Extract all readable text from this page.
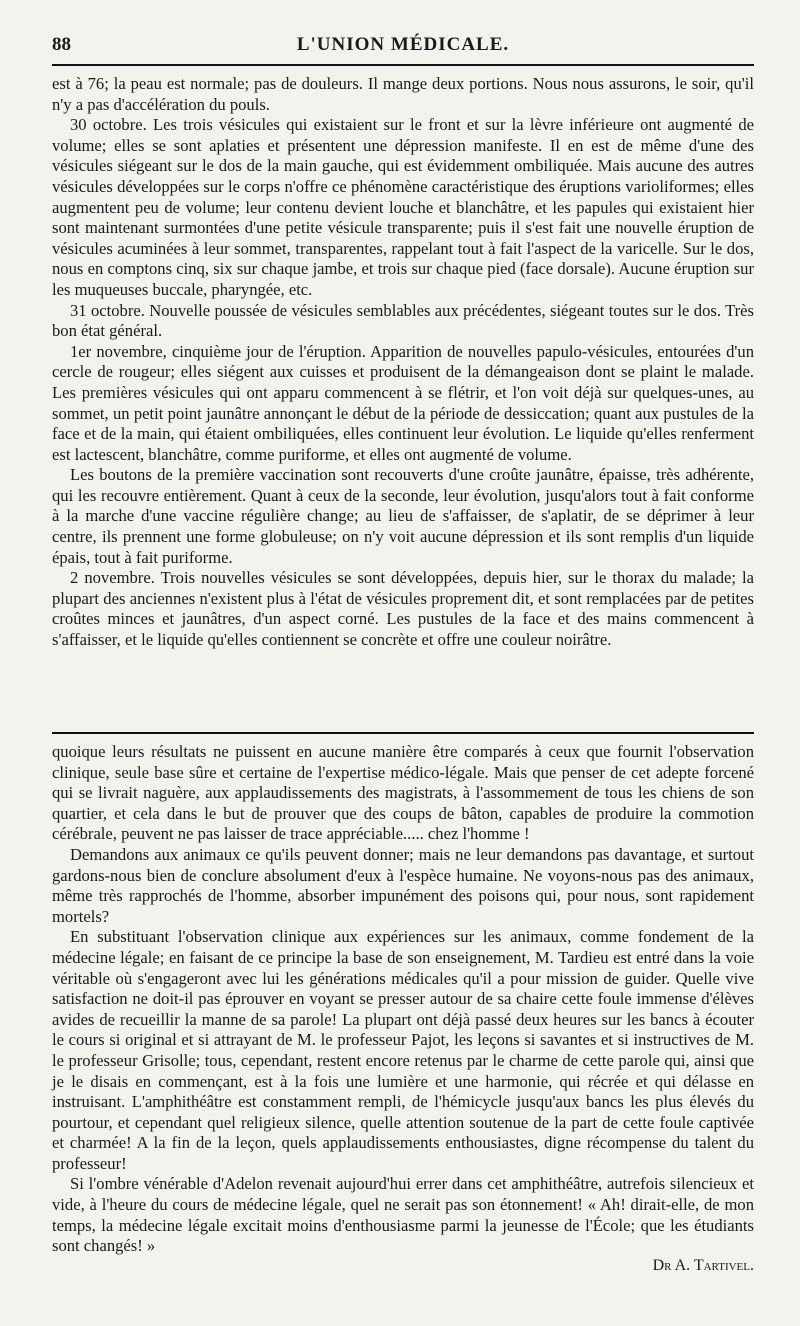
88	L'UNION MÉDICALE.

est à 76; la peau est normale; pas de douleurs. Il mange deux portions. Nous nous assurons, le soir, qu'il n'y a pas d'accélération du pouls.

30 octobre. Les trois vésicules qui existaient sur le front et sur la lèvre inférieure ont augmenté de volume; elles se sont aplaties et présentent une dépression manifeste. Il en est de même d'une des vésicules siégeant sur le dos de la main gauche, qui est évidemment ombiliquée. Mais aucune des autres vésicules développées sur le corps n'offre ce phénomène caractéristique des éruptions varioliformes; elles augmentent peu de volume; leur contenu devient louche et blanchâtre, et les papules qui existaient hier sont maintenant surmontées d'une petite vésicule transparente; puis il s'est fait une nouvelle éruption de vésicules acuminées à leur sommet, transparentes, rappelant tout à fait l'aspect de la varicelle. Sur le dos, nous en comptons cinq, six sur chaque jambe, et trois sur chaque pied (face dorsale). Aucune éruption sur les muqueuses buccale, pharyngée, etc.

31 octobre. Nouvelle poussée de vésicules semblables aux précédentes, siégeant toutes sur le dos. Très bon état général.

1er novembre, cinquième jour de l'éruption. Apparition de nouvelles papulo-vésicules, entourées d'un cercle de rougeur; elles siégent aux cuisses et produisent de la démangeaison dont se plaint le malade. Les premières vésicules qui ont apparu commencent à se flétrir, et l'on voit déjà sur quelques-unes, au sommet, un petit point jaunâtre annonçant le début de la période de dessiccation; quant aux pustules de la face et de la main, qui étaient ombiliquées, elles continuent leur évolution. Le liquide qu'elles renferment est lactescent, blanchâtre, comme puriforme, et elles ont augmenté de volume.

Les boutons de la première vaccination sont recouverts d'une croûte jaunâtre, épaisse, très adhérente, qui les recouvre entièrement. Quant à ceux de la seconde, leur évolution, jusqu'alors tout à fait conforme à la marche d'une vaccine régulière change; au lieu de s'affaisser, de s'aplatir, de se déprimer à leur centre, ils prennent une forme globuleuse; on n'y voit aucune dépression et ils sont remplis d'un liquide épais, tout à fait puriforme.

2 novembre. Trois nouvelles vésicules se sont développées, depuis hier, sur le thorax du malade; la plupart des anciennes n'existent plus à l'état de vésicules proprement dit, et sont remplacées par de petites croûtes minces et jaunâtres, d'un aspect corné. Les pustules de la face et des mains commencent à s'affaisser, et le liquide qu'elles contiennent se concrète et offre une couleur noirâtre.

quoique leurs résultats ne puissent en aucune manière être comparés à ceux que fournit l'observation clinique, seule base sûre et certaine de l'expertise médico-légale. Mais que penser de cet adepte forcené qui se livrait naguère, aux applaudissements des magistrats, à l'assommement de tous les chiens de son quartier, et cela dans le but de prouver que des coups de bâton, capables de produire la commotion cérébrale, peuvent ne pas laisser de trace appréciable..... chez l'homme !

Demandons aux animaux ce qu'ils peuvent donner; mais ne leur demandons pas davantage, et surtout gardons-nous bien de conclure absolument d'eux à l'espèce humaine. Ne voyons-nous pas des animaux, même très rapprochés de l'homme, absorber impunément des poisons qui, pour nous, sont rapidement mortels?

En substituant l'observation clinique aux expériences sur les animaux, comme fondement de la médecine légale; en faisant de ce principe la base de son enseignement, M. Tardieu est entré dans la voie véritable où s'engageront avec lui les générations médicales qu'il a pour mission de guider. Quelle vive satisfaction ne doit-il pas éprouver en voyant se presser autour de sa chaire cette foule immense d'élèves avides de recueillir la manne de sa parole! La plupart ont déjà passé deux heures sur les bancs à écouter le cours si original et si attrayant de M. le professeur Pajot, les leçons si savantes et si instructives de M. le professeur Grisolle; tous, cependant, restent encore retenus par le charme de cette parole qui, ainsi que je le disais en commençant, est à la fois une lumière et une harmonie, qui récrée et qui délasse en instruisant. L'amphithéâtre est constamment rempli, de l'hémicycle jusqu'aux bancs les plus élevés du pourtour, et cependant quel religieux silence, quelle attention soutenue de la part de cette foule captivée et charmée! A la fin de la leçon, quels applaudissements enthousiastes, digne récompense du talent du professeur!

Si l'ombre vénérable d'Adelon revenait aujourd'hui errer dans cet amphithéâtre, autrefois silencieux et vide, à l'heure du cours de médecine légale, quel ne serait pas son étonnement! « Ah! dirait-elle, de mon temps, la médecine légale excitait moins d'enthousiasme parmi la jeunesse de l'École; que les étudiants sont changés! »

Dr A. Tartivel.
